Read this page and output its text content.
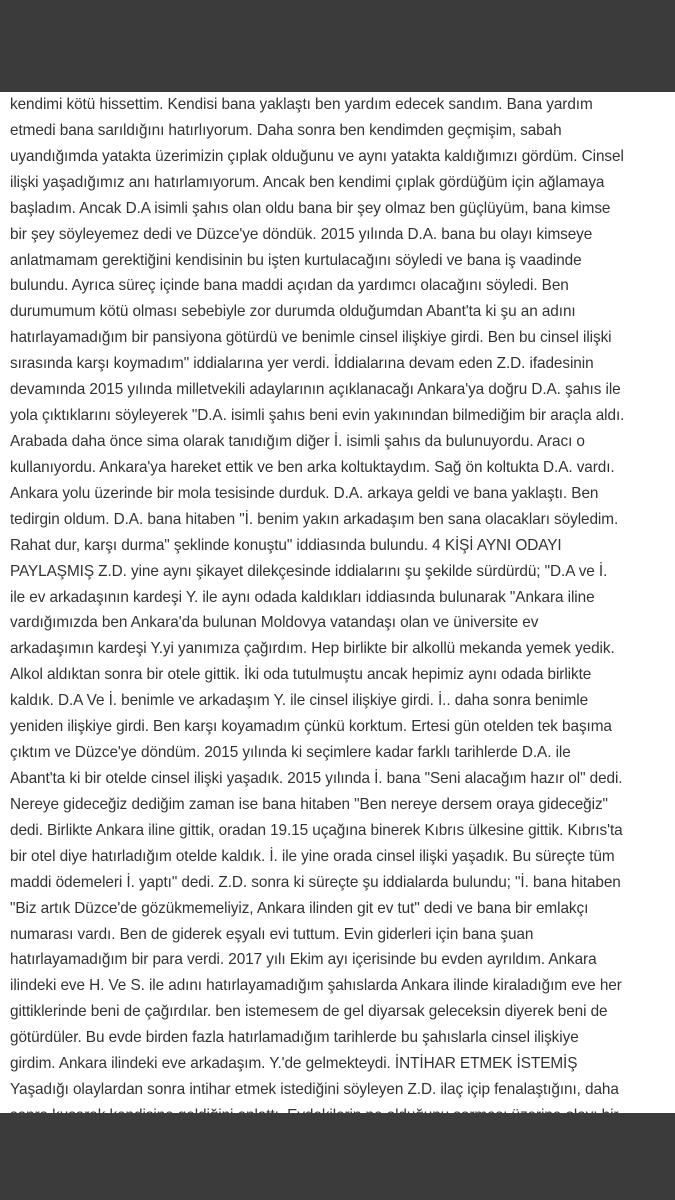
kendimi kötü hissettim. Kendisi bana yaklaştı ben yardım edecek sandım. Bana yardım
etmedi bana sarıldığını hatırlıyorum. Daha sonra ben kendimden geçmişim, sabah
uyandığımda yatakta üzerimizin çıplak olduğunu ve aynı yatakta kaldığımızı gördüm. Cinsel
ilişki yaşadığımız anı hatırlamıyorum. Ancak ben kendimi çıplak gördüğüm için ağlamaya
başladım. Ancak D.A isimli şahıs olan oldu bana bir şey olmaz ben güçlüyüm, bana kimse
bir şey söyleyemez dedi ve Düzce'ye döndük. 2015 yılında D.A. bana bu olayı kimseye
anlatmamam gerektiğini kendisinin bu işten kurtulacağını söyledi ve bana iş vaadinde
bulundu. Ayrıca süreç içinde bana maddi açıdan da yardımcı olacağını söyledi. Ben
durumumum kötü olması sebebiyle zor durumda olduğumdan Abant'ta ki şu an adını
hatırlayamadığım bir pansiyona götürdü ve benimle cinsel ilişkiye girdi. Ben bu cinsel ilişki
sırasında karşı koymadım" iddialarına yer verdi. İddialarına devam eden Z.D. ifadesinin
devamında 2015 yılında milletvekili adaylarının açıklanacağı Ankara'ya doğru D.A. şahıs ile
yola çıktıklarını söyleyerek "D.A. isimli şahıs beni evin yakınından bilmediğim bir araçla aldı.
Arabada daha önce sima olarak tanıdığım diğer İ. isimli şahıs da bulunuyordu. Aracı o
kullanıyordu. Ankara'ya hareket ettik ve ben arka koltuktaydım. Sağ ön koltukta D.A. vardı.
Ankara yolu üzerinde bir mola tesisinde durduk. D.A. arkaya geldi ve bana yaklaştı. Ben
tedirgin oldum. D.A. bana hitaben "İ. benim yakın arkadaşım ben sana olacakları söyledim.
Rahat dur, karşı durma" şeklinde konuştu" iddiasında bulundu. 4 KİŞİ AYNI ODAYI
PAYLAŞMIŞ Z.D. yine aynı şikayet dilekçesinde iddialarını şu şekilde sürdürdü; "D.A ve İ.
ile ev arkadaşının kardeşi Y. ile aynı odada kaldıkları iddiasında bulunarak "Ankara iline
vardığımızda ben Ankara'da bulunan Moldovya vatandaşı olan ve üniversite ev
arkadaşımın kardeşi Y.yi yanımıza çağırdım. Hep birlikte bir alkollü mekanda yemek yedik.
Alkol aldıktan sonra bir otele gittik. İki oda tutulmuştu ancak hepimiz aynı odada birlikte
kaldık. D.A Ve İ. benimle ve arkadaşım Y. ile cinsel ilişkiye girdi. İ.. daha sonra benimle
yeniden ilişkiye girdi. Ben karşı koyamadım çünkü korktum. Ertesi gün otelden tek başıma
çıktım ve Düzce'ye döndüm. 2015 yılında ki seçimlere kadar farklı tarihlerde D.A. ile
Abant'ta ki bir otelde cinsel ilişki yaşadık. 2015 yılında İ. bana "Seni alacağım hazır ol" dedi.
Nereye gideceğiz dediğim zaman ise bana hitaben "Ben nereye dersem oraya gideceğiz"
dedi. Birlikte Ankara iline gittik, oradan 19.15 uçağına binerek Kıbrıs ülkesine gittik. Kıbrıs'ta
bir otel diye hatırladığım otelde kaldık. İ. ile yine orada cinsel ilişki yaşadık. Bu süreçte tüm
maddi ödemeleri İ. yaptı" dedi. Z.D. sonra ki süreçte şu iddialarda bulundu; "İ. bana hitaben
"Biz artık Düzce'de gözükmemeliyiz, Ankara ilinden git ev tut" dedi ve bana bir emlakçı
numarası vardı. Ben de giderek eşyalı evi tuttum. Evin giderleri için bana şuan
hatırlayamadığım bir para verdi. 2017 yılı Ekim ayı içerisinde bu evden ayrıldım. Ankara
ilindeki eve H. Ve S. ile adını hatırlayamadığım şahıslarda Ankara ilinde kiraladığım eve her
gittiklerinde beni de çağırdılar. ben istemesem de gel diyarsak geleceksin diyerek beni de
götürdüler. Bu evde birden fazla hatırlamadığım tarihlerde bu şahıslarla cinsel ilişkiye
girdim. Ankara ilindeki eve arkadaşım. Y.'de gelmekteydi. İNTİHAR ETMEK İSTEMİŞ
Yaşadığı olaylardan sonra intihar etmek istediğini söyleyen Z.D. ilaç içip fenalaştığını, daha
